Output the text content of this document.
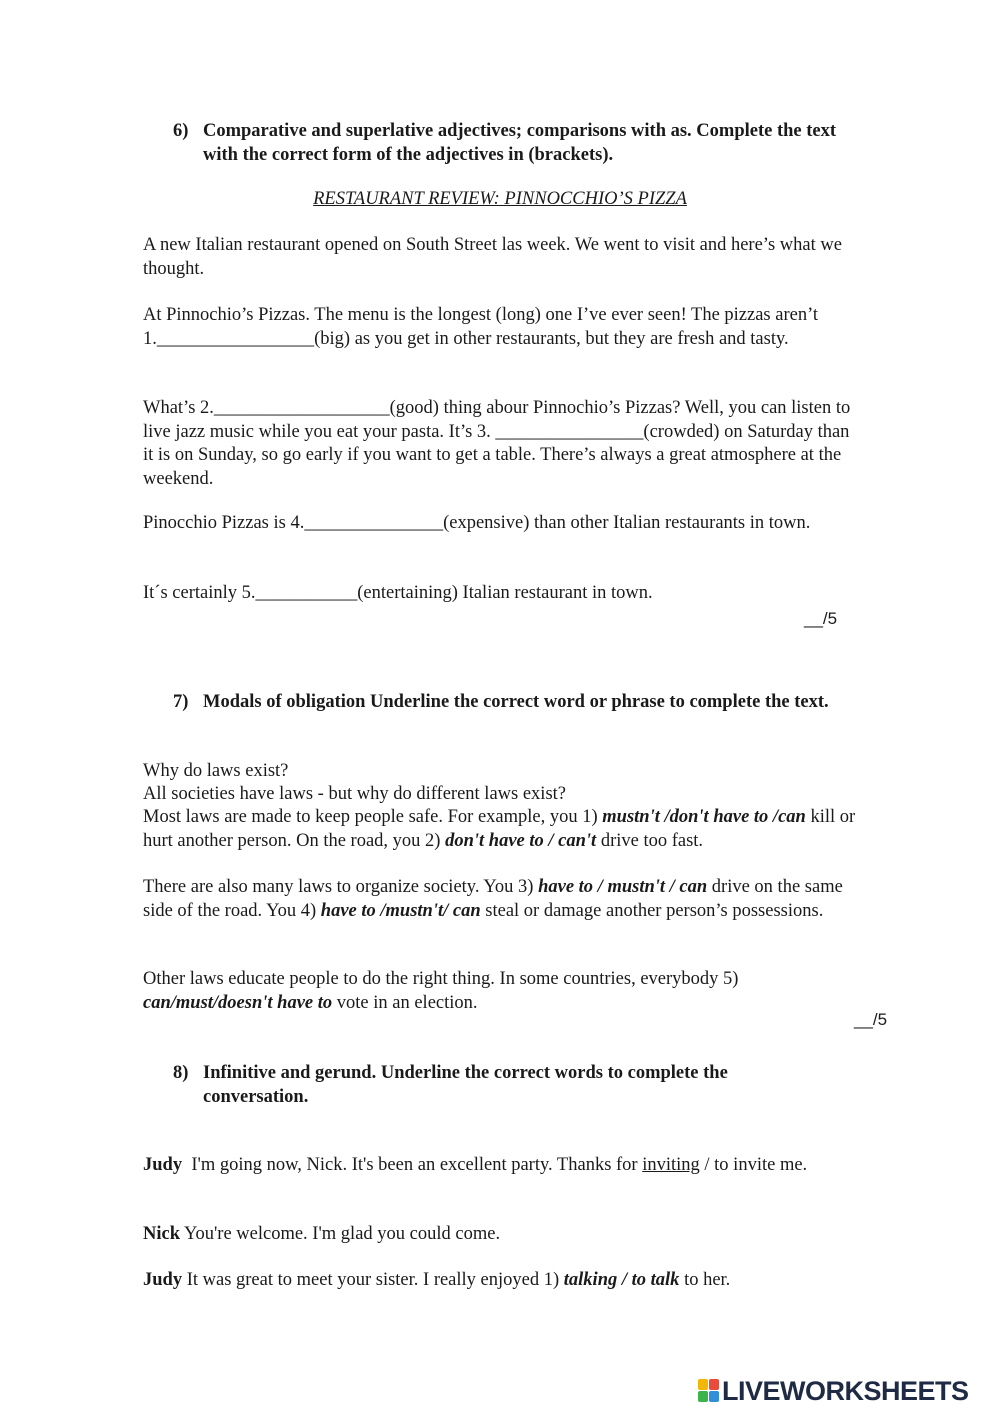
6) Comparative and superlative adjectives; comparisons with as. Complete the text with the correct form of the adjectives in (brackets).
RESTAURANT REVIEW: PINNOCCHIO’S PIZZA
A new Italian restaurant opened on South Street las week. We went to visit and here’s what we thought.
At Pinnochio’s Pizzas. The menu is the longest (long) one I’ve ever seen! The pizzas aren’t 1._________________(big) as you get in other restaurants, but they are fresh and tasty.
What’s 2.___________________(good) thing abour Pinnochio’s Pizzas? Well, you can listen to live jazz music while you eat your pasta. It’s 3. ________________(crowded) on Saturday than it is on Sunday, so go early if you want to get a table. There’s always a great atmosphere at the weekend.
Pinocchio Pizzas is 4._______________(expensive) than other Italian restaurants in town.
It´s certainly 5.___________(entertaining) Italian restaurant in town.
__/5
7) Modals of obligation Underline the correct word or phrase to complete the text.
Why do laws exist?
All societies have laws - but why do different laws exist?
Most laws are made to keep people safe. For example, you 1) mustn't /don't have to /can kill or hurt another person. On the road, you 2) don't have to / can't drive too fast.
There are also many laws to organize society. You 3) have to / mustn't / can drive on the same side of the road. You 4) have to /mustn't/ can steal or damage another person’s possessions.
Other laws educate people to do the right thing. In some countries, everybody 5) can/must/doesn't have to vote in an election.
__/5
8) Infinitive and gerund. Underline the correct words to complete the conversation.
Judy  I'm going now, Nick. It's been an excellent party. Thanks for inviting / to invite me.
Nick You're welcome. I'm glad you could come.
Judy It was great to meet your sister. I really enjoyed 1) talking / to talk to her.
LIVEWORKSHEETS
